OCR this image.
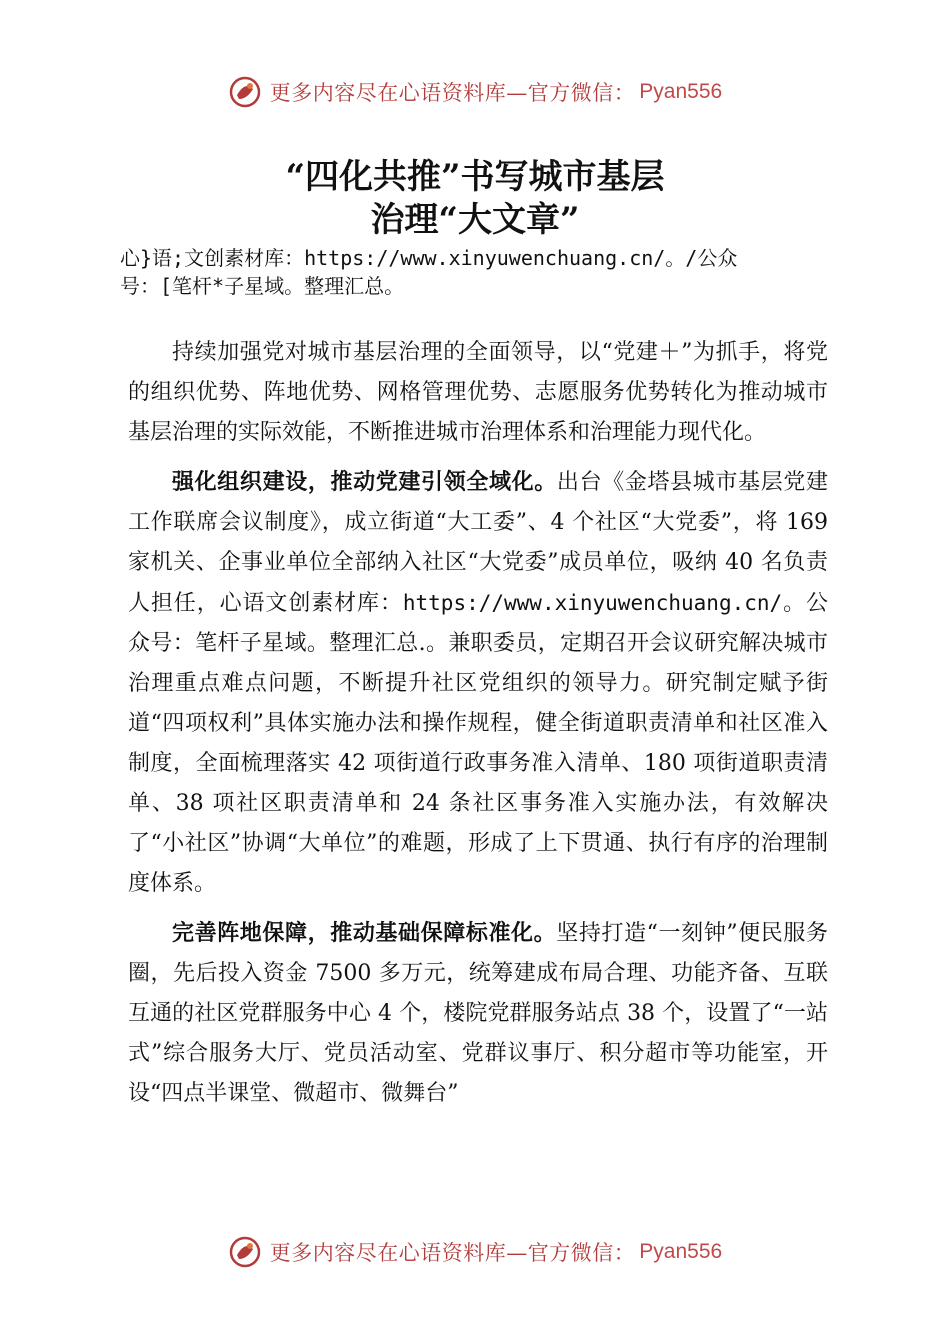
更多内容尽在心语资料库—官方微信： Pyan556
“四化共推”书写城市基层
治理“大文章”
心}语;文创素材库：https://www.xinyuwenchuang.cn/。/公众
号：[笔杆*子星域。整理汇总。

持续加强党对城市基层治理的全面领导，以“党建＋”为抓手，将党的组织优势、阵地优势、网格管理优势、志愿服务优势转化为推动城市基层治理的实际效能，不断推进城市治理体系和治理能力现代化。

强化组织建设，推动党建引领全域化。出台《金塔县城市基层党建工作联席会议制度》，成立街道“大工委”、4 个社区“大党委”，将 169 家机关、企事业单位全部纳入社区“大党委”成员单位，吸纳 40 名负责人担任，心语文创素材库：https://www.xinyuwenchuang.cn/。公众号：笔杆子星域。整理汇总.。兼职委员，定期召开会议研究解决城市治理重点难点问题，不断提升社区党组织的领导力。研究制定赋予街道“四项权利”具体实施办法和操作规程，健全街道职责清单和社区准入制度，全面梳理落实 42 项街道行政事务准入清单、180 项街道职责清单、38 项社区职责清单和 24 条社区事务准入实施办法，有效解决了“小社区”协调“大单位”的难题，形成了上下贯通、执行有序的治理制度体系。

完善阵地保障，推动基础保障标准化。坚持打造“一刻钟”便民服务圈，先后投入资金 7500 多万元，统筹建成布局合理、功能齐备、互联互通的社区党群服务中心 4 个，楼院党群服务站点 38 个，设置了“一站式”综合服务大厅、党员活动室、党群议事厅、积分超市等功能室，开设“四点半课堂、微超市、微舞台”

更多内容尽在心语资料库—官方微信： Pyan556
